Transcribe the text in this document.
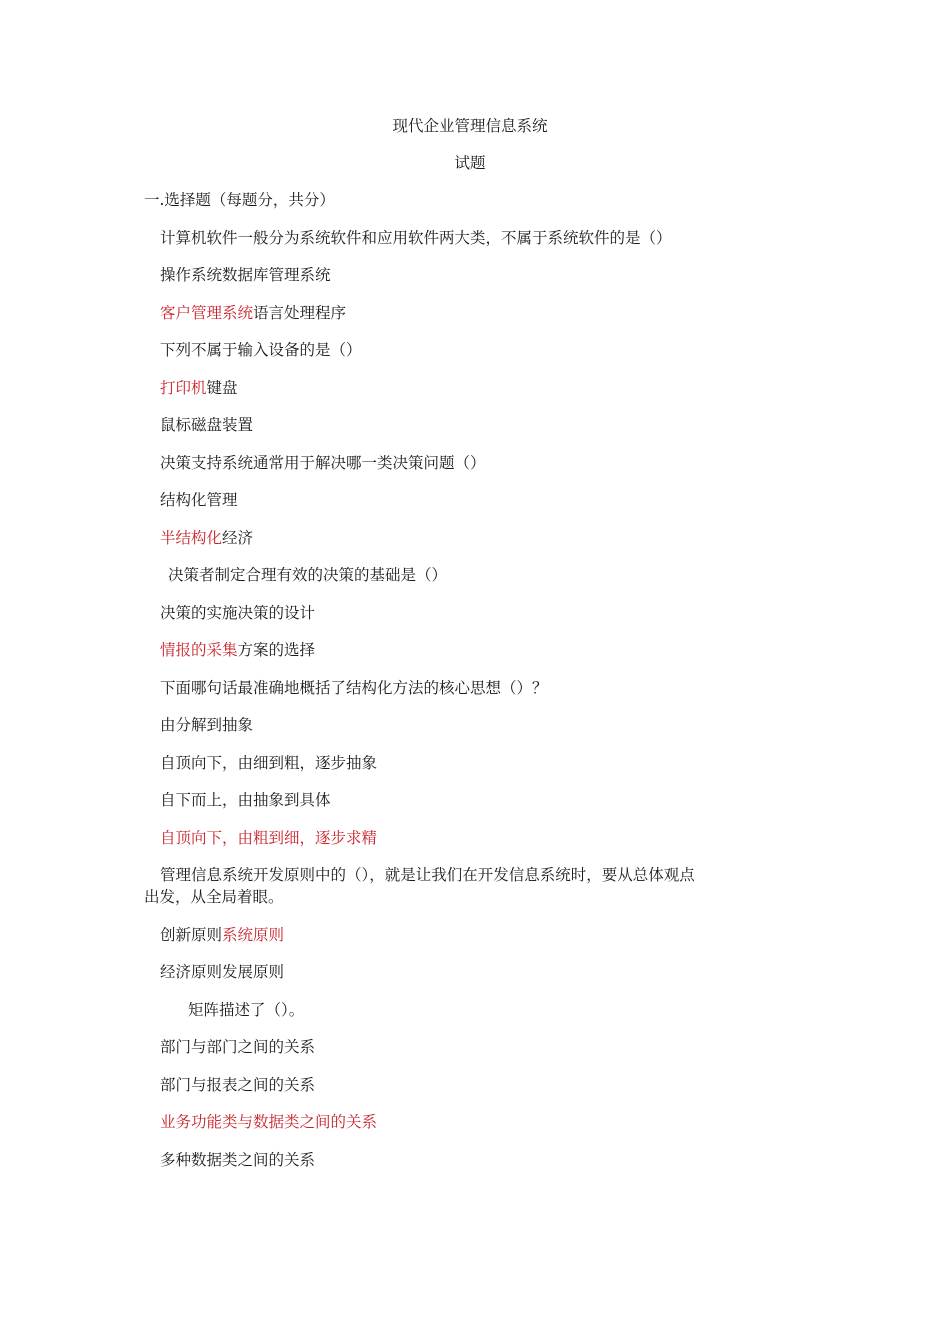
现代企业管理信息系统
试题
一.选择题（每题分，共分）
计算机软件一般分为系统软件和应用软件两大类，不属于系统软件的是（）
操作系统数据库管理系统
客户管理系统语言处理程序
下列不属于输入设备的是（）
打印机键盘
鼠标磁盘装置
决策支持系统通常用于解决哪一类决策问题（）
结构化管理
半结构化经济
决策者制定合理有效的决策的基础是（）
决策的实施决策的设计
情报的采集方案的选择
下面哪句话最准确地概括了结构化方法的核心思想（）？
由分解到抽象
自顶向下，由细到粗，逐步抽象
自下而上，由抽象到具体
自顶向下，由粗到细，逐步求精
管理信息系统开发原则中的（），就是让我们在开发信息系统时，要从总体观点
出发，从全局着眼。
创新原则系统原则
经济原则发展原则
矩阵描述了（）。
部门与部门之间的关系
部门与报表之间的关系
业务功能类与数据类之间的关系
多种数据类之间的关系
